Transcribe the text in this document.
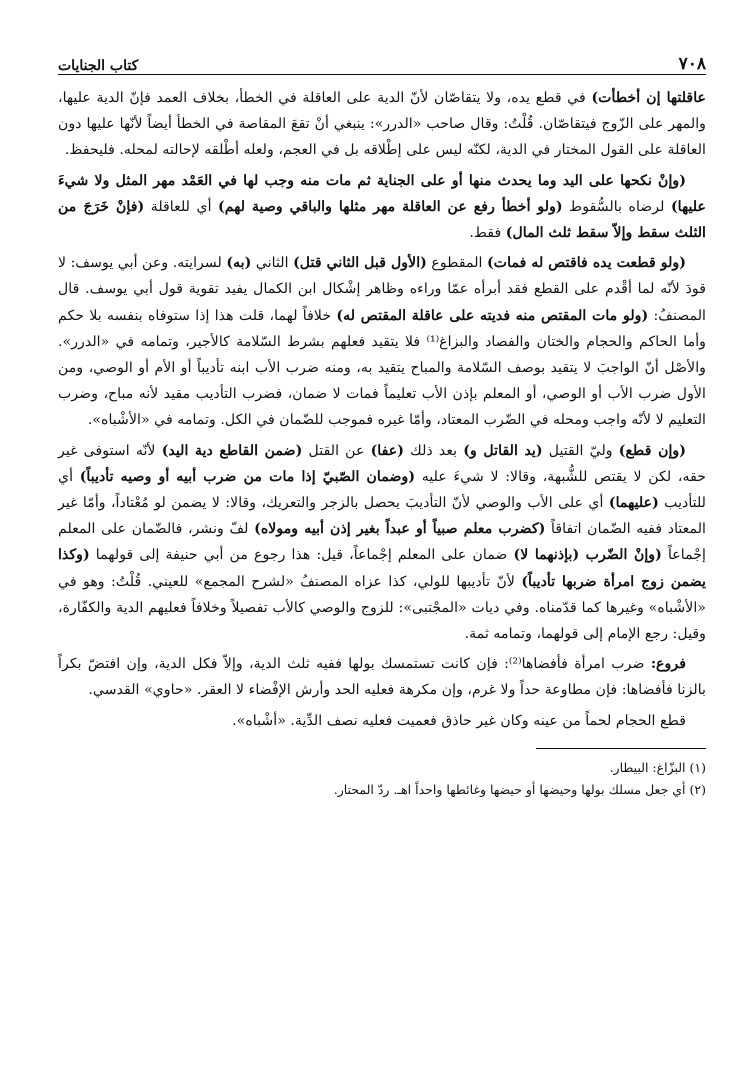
٧٠٨
كتاب الجنايات

عاقلتها إن أخطأت) في قطع يده، ولا يتقاصّان لأنّ الدية على العاقلة في الخطأ، بخلاف العمد فإنّ الدية عليها، والمهر على الزّوج فيتقاصّان. قُلْتُ: وقال صاحب «الدرر»: ينبغي أنْ تقعَ المقاصة في الخطأ أيضاً لأنّها عليها دون العاقلة على القول المختار في الدية، لكنّه ليس على إطْلاقه بل في العجم، ولعله أطْلقه لإحالته لمحله. فليحفظ.

(وإنْ نكحها على اليد وما يحدث منها أو على الجناية ثم مات منه وجب لها في العَمْد مهر المثل ولا شيءَ عليها) لرضاه بالسُّقوط (ولو أخطأ رفع عن العاقلة مهر مثلها والباقي وصية لهم) أي للعاقلة (فإنْ خَرَجَ من الثلث سقط وإلاّ سقط ثلث المال) فقط.

(ولو قطعت يده فاقتص له فمات) المقطوع (الأول قبل الثاني قتل) الثاني (به) لسرايته. وعن أبي يوسف: لا قودَ لأنّه لما أقْدم على القطع فقد أبرأه عمّا وراءه وظاهر إشْكال ابن الكمال يفيد تقوية قول أبي يوسف. قال المصنفُ: (ولو مات المقتص منه فديته على عاقلة المقتص له) خلافاً لهما، قلت هذا إذا ستوفاه بنفسه بلا حكم وأما الحاكم والحجام والختان والفصاد والبزاغ⁽¹⁾ فلا يتقيد فعلهم بشرط السّلامة كالأجير، وتمامه في «الدرر». والأصْل أنّ الواجبَ لا يتقيد بوصف السّلامة والمباح يتقيد به، ومنه ضرب الأب ابنه تأديباً أو الأم أو الوصي، ومن الأول ضرب الأب أو الوصي، أو المعلم بإذن الأب تعليماً فمات لا ضمان، فضرب التأديب مقيد لأنه مباح، وضرب التعليم لا لأنّه واجب ومحله في الضّرب المعتاد، وأمّا غيره فموجب للضّمان في الكل. وتمامه في «الأشْباه».

(وإن قطع) وليّ القتيل (يد القاتل و) بعد ذلك (عفا) عن القتل (ضمن القاطع دية اليد) لأنّه استوفى غير حقه، لكن لا يقتص للشُّبهة، وقالا: لا شيءَ عليه (وضمان الصّبيّ إذا مات من ضرب أبيه أو وصيه تأديباً) أي للتأديب (عليهما) أي على الأب والوصي لأنّ التأديبَ يحصل بالزجر والتعريك، وقالا: لا يضمن لو مُعْتاداً، وأمّا غير المعتاد ففيه الضّمان اتفاقاً (كضرب معلم صبياً أو عبداً بغير إذن أبيه ومولاه) لفّ ونشر، فالضّمان على المعلم إجْماعاً (وإنْ الضّرب (بإذنهما لا) ضمان على المعلم إجْماعاً، قيل: هذا رجوع من أبي حنيفة إلى قولهما (وكذا يضمن زوج امرأة ضربها تأديباً) لأنّ تأديبها للولي، كذا عزاه المصنفُ «لشرح المجمع» للعيني. قُلْتُ: وهو في «الأشْباه» وغيرها كما قدّمناه. وفي ديات «المجْتبى»: للزوج والوصي كالأب تفصيلاً وخلافاً فعليهم الدية والكفّارة، وقيل: رجع الإمام إلى قولهما، وتمامه ثمة.

فروع: ضرب امرأة فأفضاها⁽²⁾: فإن كانت تستمسك بولها ففيه ثلث الدية، وإلاّ فكل الدية، وإن افتضّ بكراً بالزنا فأفضاها: فإن مطاوعة حداً ولا غرم، وإن مكرهة فعليه الحد وأرش الإفْضاء لا العقر. «حاوي» القدسي.

قطع الحجام لحماً من عينه وكان غير حاذق فعميت فعليه نصف الدِّية. «أشْباه».

(١) البزّاغ: البيطار.

(٢) أي جعل مسلك بولها وحيضها أو حيضها وغائطها واحداً اهـ. ردّ المحتار.
